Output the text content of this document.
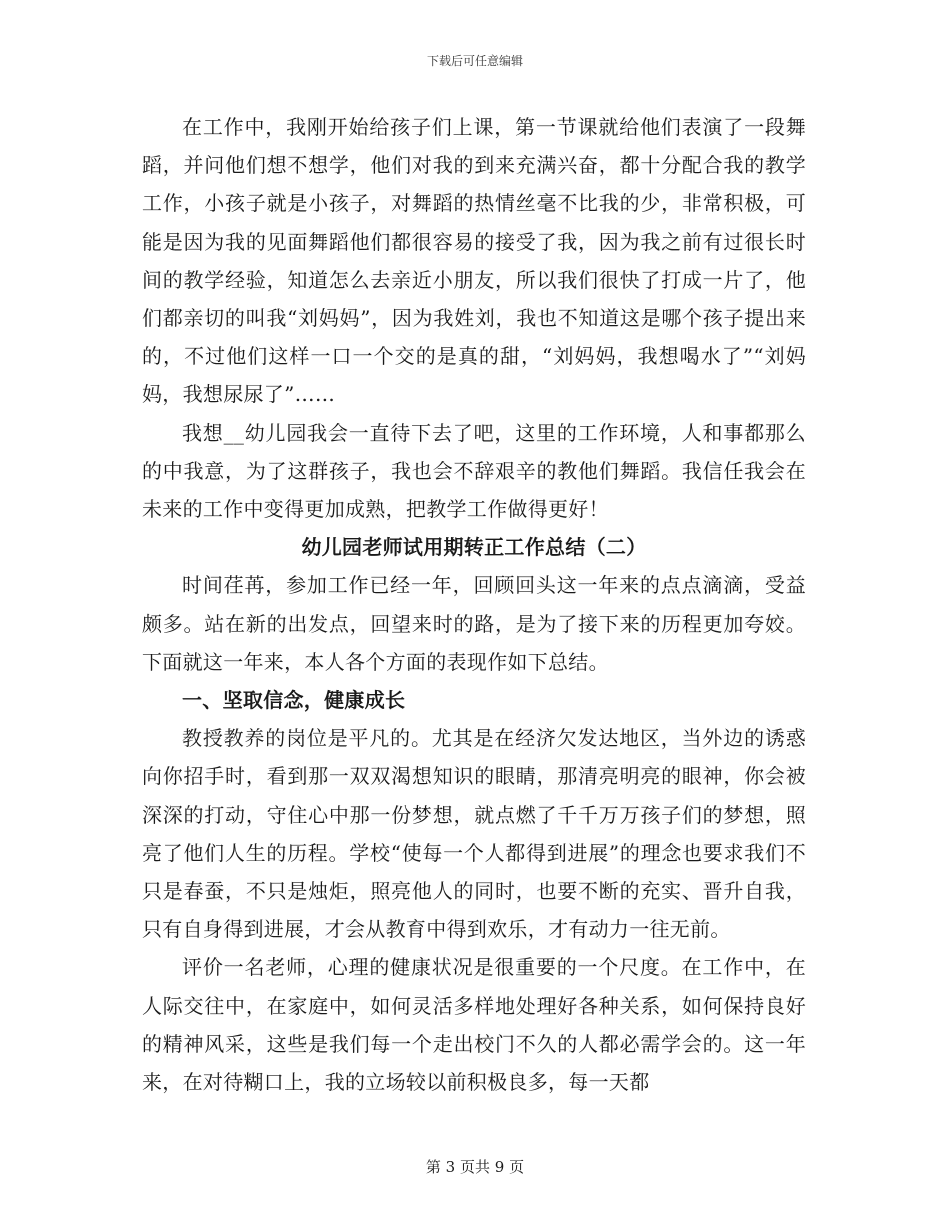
下载后可任意编辑

在工作中，我刚开始给孩子们上课，第一节课就给他们表演了一段舞蹈，并问他们想不想学，他们对我的到来充满兴奋，都十分配合我的教学工作，小孩子就是小孩子，对舞蹈的热情丝毫不比我的少，非常积极，可能是因为我的见面舞蹈他们都很容易的接受了我，因为我之前有过很长时间的教学经验，知道怎么去亲近小朋友，所以我们很快了打成一片了，他们都亲切的叫我“刘妈妈”，因为我姓刘，我也不知道这是哪个孩子提出来的，不过他们这样一口一个交的是真的甜，“刘妈妈，我想喝水了”“刘妈妈，我想尿尿了”……

我想__幼儿园我会一直待下去了吧，这里的工作环境，人和事都那么的中我意，为了这群孩子，我也会不辞艰辛的教他们舞蹈。我信任我会在未来的工作中变得更加成熟，把教学工作做得更好！

幼儿园老师试用期转正工作总结（二）

时间荏苒，参加工作已经一年，回顾回头这一年来的点点滴滴，受益颇多。站在新的出发点，回望来时的路，是为了接下来的历程更加夸姣。下面就这一年来，本人各个方面的表现作如下总结。

一、坚取信念，健康成长

教授教养的岗位是平凡的。尤其是在经济欠发达地区，当外边的诱惑向你招手时，看到那一双双渴想知识的眼睛，那清亮明亮的眼神，你会被深深的打动，守住心中那一份梦想，就点燃了千千万万孩子们的梦想，照亮了他们人生的历程。学校“使每一个人都得到进展”的理念也要求我们不只是春蚕，不只是烛炬，照亮他人的同时，也要不断的充实、晋升自我，只有自身得到进展，才会从教育中得到欢乐，才有动力一往无前。

评价一名老师，心理的健康状况是很重要的一个尺度。在工作中，在人际交往中，在家庭中，如何灵活多样地处理好各种关系，如何保持良好的精神风采，这些是我们每一个走出校门不久的人都必需学会的。这一年来，在对待糊口上，我的立场较以前积极良多，每一天都

第 3 页共 9 页
